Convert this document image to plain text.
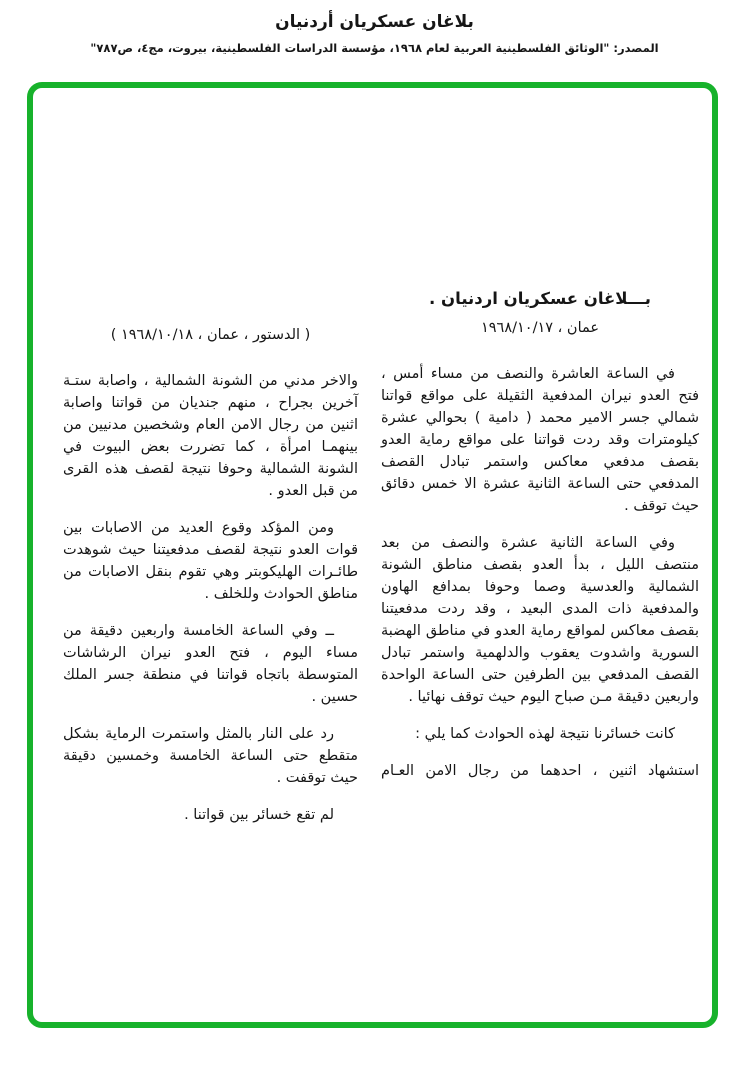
بلاغان عسكريان أردنيان
المصدر: "الوثائق الفلسطينية العربية لعام ١٩٦٨، مؤسسة الدراسات الفلسطينية، بيروت، مج٤، ص٧٨٧"
بـــلاغان عسكريان اردنيان .
عمان ، ١٩٦٨/١٠/١٧

في الساعة العاشرة والنصف من مساء أمس ، فتح العدو نيران المدفعية الثقيلة على مواقع قواتنا شمالي جسر الامير محمد ( دامية ) بحوالي عشرة كيلومترات وقد ردت قواتنا على مواقع رماية العدو بقصف مدفعي معاكس واستمر تبادل القصف المدفعي حتى الساعة الثانية عشرة الا خمس دقائق حيث توقف .

وفي الساعة الثانية عشرة والنصف من بعد منتصف الليل ، بدأ العدو بقصف مناطق الشونة الشمالية والعدسية وصما وحوفا بمدافع الهاون والمدفعية ذات المدى البعيد ، وقد ردت مدفعيتنا بقصف معاكس لمواقع رماية العدو في مناطق الهضبة السورية واشدوت يعقوب والدلهمية واستمر تبادل القصف المدفعي بين الطرفين حتى الساعة الواحدة واربعين دقيقة مـن صباح اليوم حيث توقف نهائيا .

كانت خسائرنا نتيجة لهذه الحوادث كما يلي :

استشهاد اثنين ، احدهما من رجال الامن العـام

( الدستور ، عمان ، ١٩٦٨/١٠/١٨ )

والاخر مدني من الشونة الشمالية ، واصابة ستـة آخرين بجراح ، منهم جنديان من قواتنا واصابة اثنين من رجال الامن العام وشخصين مدنيين من بينهمـا امرأة ، كما تضررت بعض البيوت في الشونة الشمالية وحوفا نتيجة لقصف هذه القرى من قبل العدو .

ومن المؤكد وقوع العديد من الاصابات بين قوات العدو نتيجة لقصف مدفعيتنا حيث شوهدت طائـرات الهليكوبتر وهي تقوم بنقل الاصابات من مناطق الحوادث وللخلف .

ــ وفي الساعة الخامسة واربعين دقيقة من مساء اليوم ، فتح العدو نيران الرشاشات المتوسطة باتجاه قواتنا في منطقة جسر الملك حسين .

رد على النار بالمثل واستمرت الرماية بشكل متقطع حتى الساعة الخامسة وخمسين دقيقة حيث توقفت .

لم تقع خسائر بين قواتنا .
